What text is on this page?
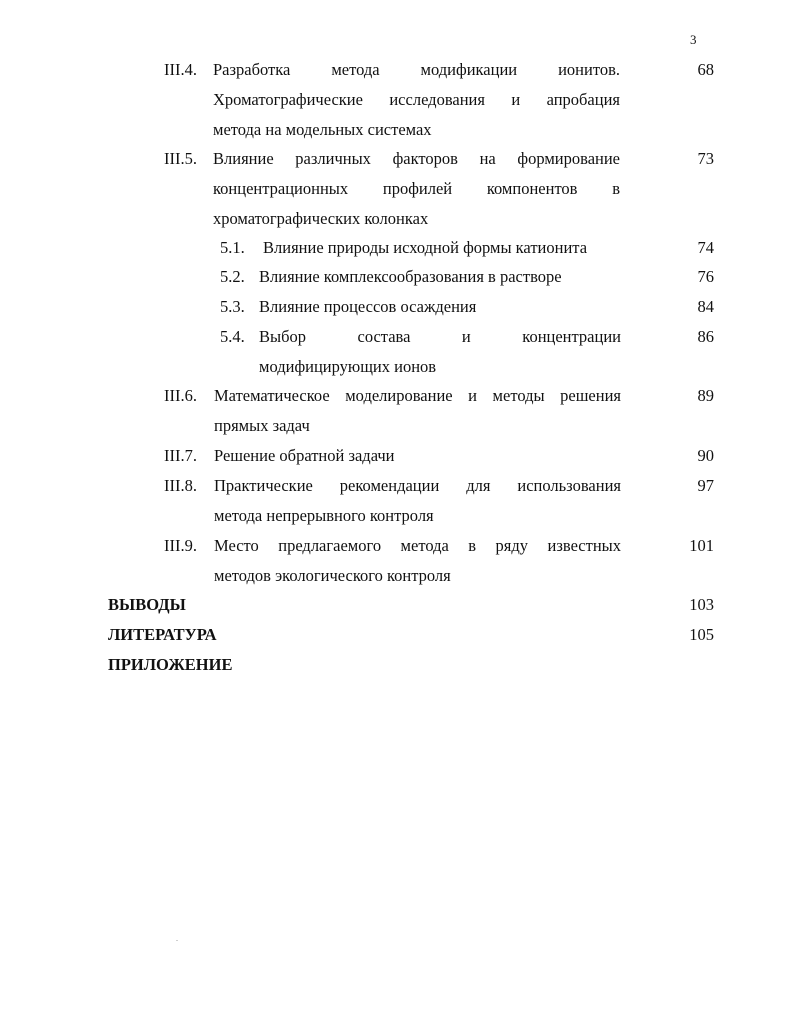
3
III.4. Разработка метода модификации ионитов.
Хроматографические исследования и апробация
метода на модельных системах
68
III.5. Влияние различных факторов на формирование
концентрационных профилей компонентов в
хроматографических колонках
73
5.1. Влияние природы исходной формы катионита	74
5.2. Влияние комплексообразования в растворе	76
5.3. Влияние процессов осаждения	84
5.4. Выбор состава и концентрации
модифицирующих ионов
86
III.6. Математическое моделирование и методы решения
прямых задач
89
III.7. Решение обратной задачи	90
III.8. Практические рекомендации для использования
метода непрерывного контроля
97
III.9. Место предлагаемого метода в ряду известных
методов экологического контроля
101
ВЫВОДЫ	103
ЛИТЕРАТУРА	105
ПРИЛОЖЕНИЕ
